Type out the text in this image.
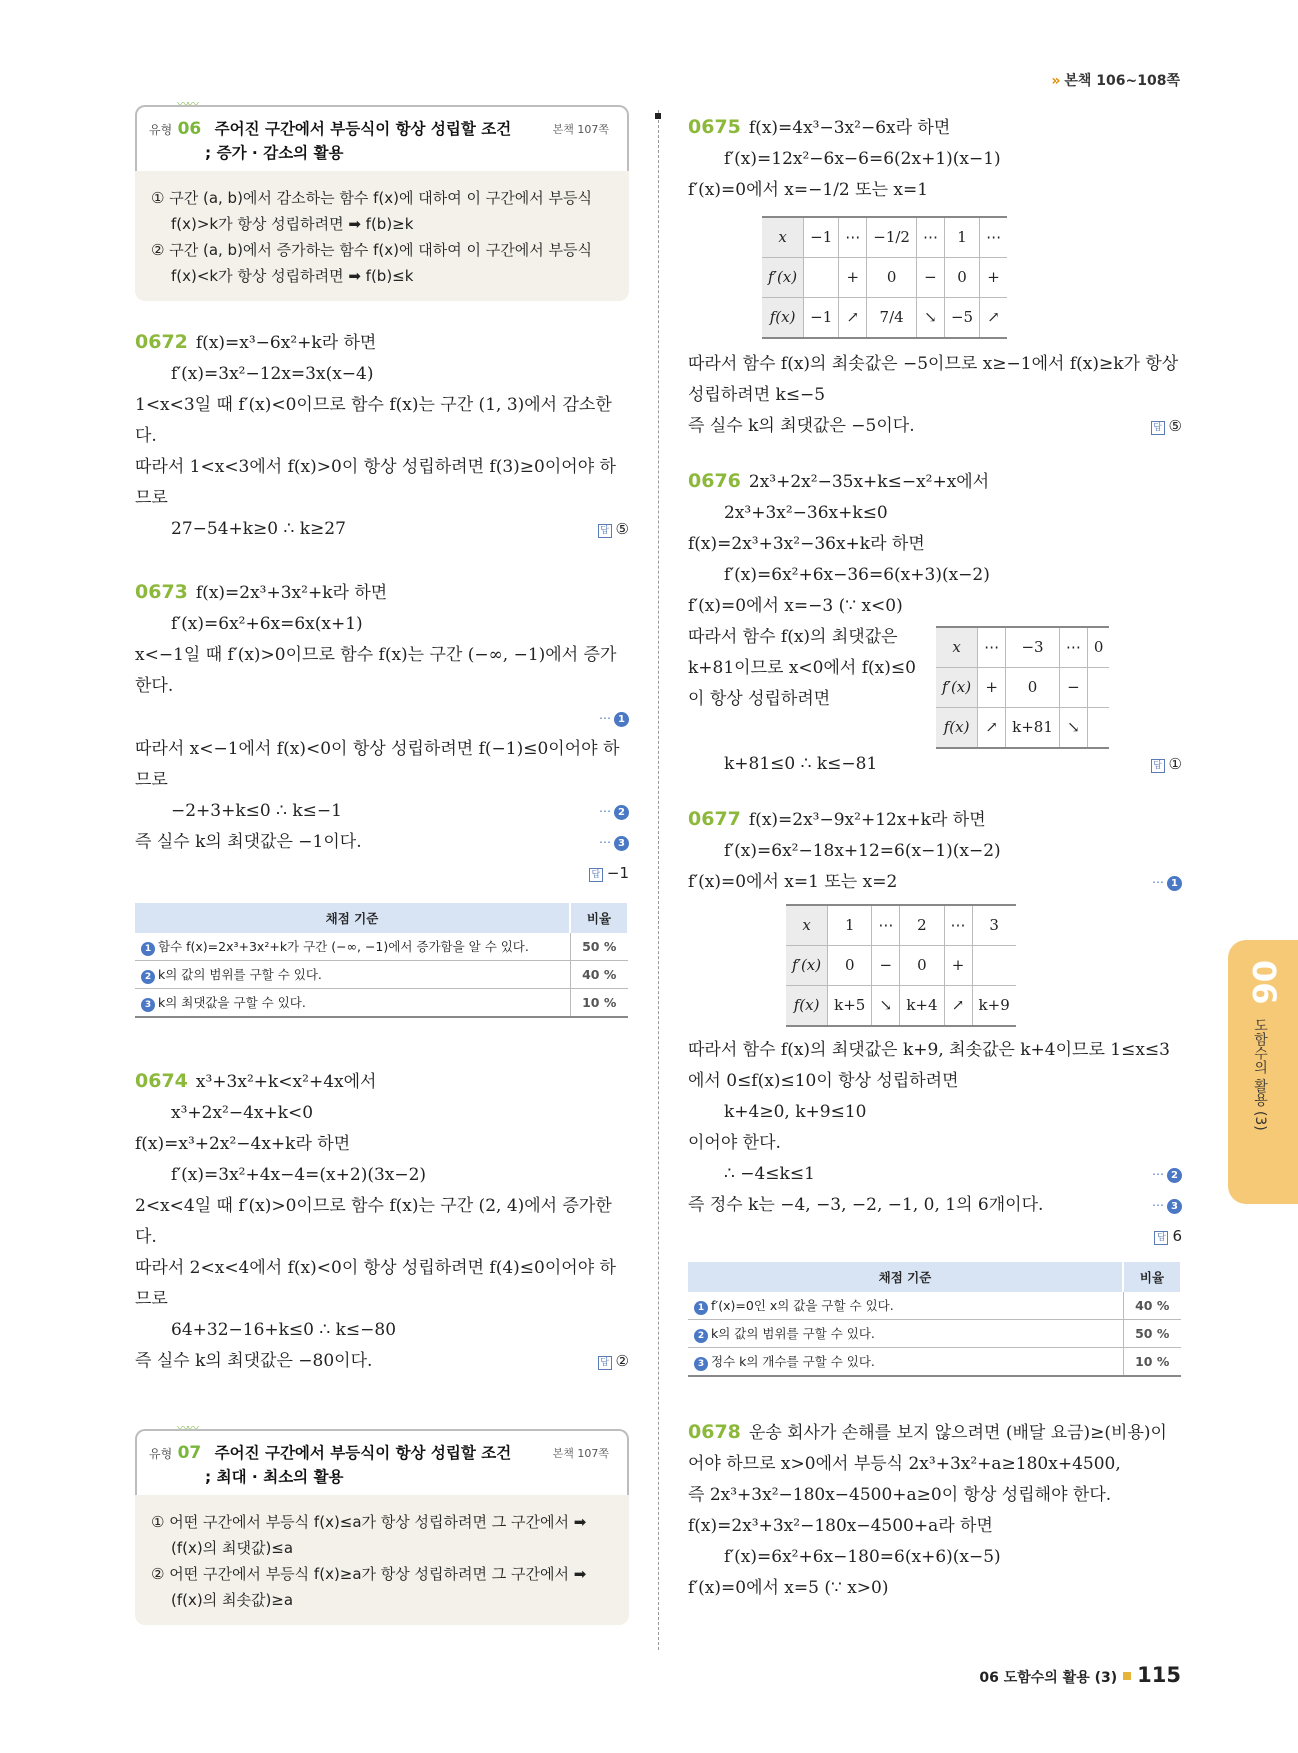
» 본책 106~108쪽
〰〰
유형 06 주어진 구간에서 부등식이 항상 성립할 조건	본책 107쪽
; 증가 · 감소의 활용

① 구간 (a, b)에서 감소하는 함수 f(x)에 대하여 이 구간에서 부등식 f(x)>k가 항상 성립하려면 ➡ f(b)≥k

② 구간 (a, b)에서 증가하는 함수 f(x)에 대하여 이 구간에서 부등식 f(x)<k가 항상 성립하려면 ➡ f(b)≤k

0672 f(x)=x³−6x²+k라 하면
f′(x)=3x²−12x=3x(x−4)
1<x<3일 때 f′(x)<0이므로 함수 f(x)는 구간 (1, 3)에서 감소한다.
따라서 1<x<3에서 f(x)>0이 항상 성립하려면 f(3)≥0이어야 하므로
27−54+k≥0 ∴ k≥27	답 ⑤
0673 f(x)=2x³+3x²+k라 하면
f′(x)=6x²+6x=6x(x+1)
x<−1일 때 f′(x)>0이므로 함수 f(x)는 구간 (−∞, −1)에서 증가한다.
⋯ 1
따라서 x<−1에서 f(x)<0이 항상 성립하려면 f(−1)≤0이어야 하므로
−2+3+k≤0 ∴ k≤−1	⋯ 2
즉 실수 k의 최댓값은 −1이다.	⋯ 3
답 −1
채점 기준	비율
1 함수 f(x)=2x³+3x²+k가 구간 (−∞, −1)에서 증가함을 알 수 있다.	50 %
2 k의 값의 범위를 구할 수 있다.	40 %
3 k의 최댓값을 구할 수 있다.	10 %
0674 x³+3x²+k<x²+4x에서
x³+2x²−4x+k<0
f(x)=x³+2x²−4x+k라 하면
f′(x)=3x²+4x−4=(x+2)(3x−2)
2<x<4일 때 f′(x)>0이므로 함수 f(x)는 구간 (2, 4)에서 증가한다.
따라서 2<x<4에서 f(x)<0이 항상 성립하려면 f(4)≤0이어야 하므로
64+32−16+k≤0 ∴ k≤−80
즉 실수 k의 최댓값은 −80이다.	답 ②
〰〰
유형 07 주어진 구간에서 부등식이 항상 성립할 조건	본책 107쪽
; 최대 · 최소의 활용

① 어떤 구간에서 부등식 f(x)≤a가 항상 성립하려면 그 구간에서 ➡ (f(x)의 최댓값)≤a

② 어떤 구간에서 부등식 f(x)≥a가 항상 성립하려면 그 구간에서 ➡ (f(x)의 최솟값)≥a

0675 f(x)=4x³−3x²−6x라 하면
f′(x)=12x²−6x−6=6(2x+1)(x−1)
f′(x)=0에서 x=−1/2 또는 x=1
x	−1	⋯	−1/2	⋯	1	⋯
f′(x)		+	0	−	0	+
f(x)	−1	↗	7/4	↘	−5	↗
따라서 함수 f(x)의 최솟값은 −5이므로 x≥−1에서 f(x)≥k가 항상 성립하려면 k≤−5
즉 실수 k의 최댓값은 −5이다.	답 ⑤
0676 2x³+2x²−35x+k≤−x²+x에서
2x³+3x²−36x+k≤0
f(x)=2x³+3x²−36x+k라 하면
f′(x)=6x²+6x−36=6(x+3)(x−2)
f′(x)=0에서 x=−3 (∵ x<0)
따라서 함수 f(x)의 최댓값은 k+81이므로 x<0에서 f(x)≤0이 항상 성립하려면
x	⋯	−3	⋯	0
f′(x)	+	0	−	
f(x)	↗	k+81	↘	
k+81≤0 ∴ k≤−81	답 ①
0677 f(x)=2x³−9x²+12x+k라 하면
f′(x)=6x²−18x+12=6(x−1)(x−2)
f′(x)=0에서 x=1 또는 x=2	⋯ 1
x	1	⋯	2	⋯	3
f′(x)	0	−	0	+	
f(x)	k+5	↘	k+4	↗	k+9
따라서 함수 f(x)의 최댓값은 k+9, 최솟값은 k+4이므로 1≤x≤3에서 0≤f(x)≤10이 항상 성립하려면
k+4≥0, k+9≤10
이어야 한다.
∴ −4≤k≤1	⋯ 2
즉 정수 k는 −4, −3, −2, −1, 0, 1의 6개이다.	⋯ 3
답 6
채점 기준	비율
1 f′(x)=0인 x의 값을 구할 수 있다.	40 %
2 k의 값의 범위를 구할 수 있다.	50 %
3 정수 k의 개수를 구할 수 있다.	10 %
0678 운송 회사가 손해를 보지 않으려면 (배달 요금)≥(비용)이어야 하므로 x>0에서 부등식 2x³+3x²+a≥180x+4500,
즉 2x³+3x²−180x−4500+a≥0이 항상 성립해야 한다.
f(x)=2x³+3x²−180x−4500+a라 하면
f′(x)=6x²+6x−180=6(x+6)(x−5)
f′(x)=0에서 x=5 (∵ x>0)
06
도함수의 활용 (3)
06 도함수의 활용 (3) 115
